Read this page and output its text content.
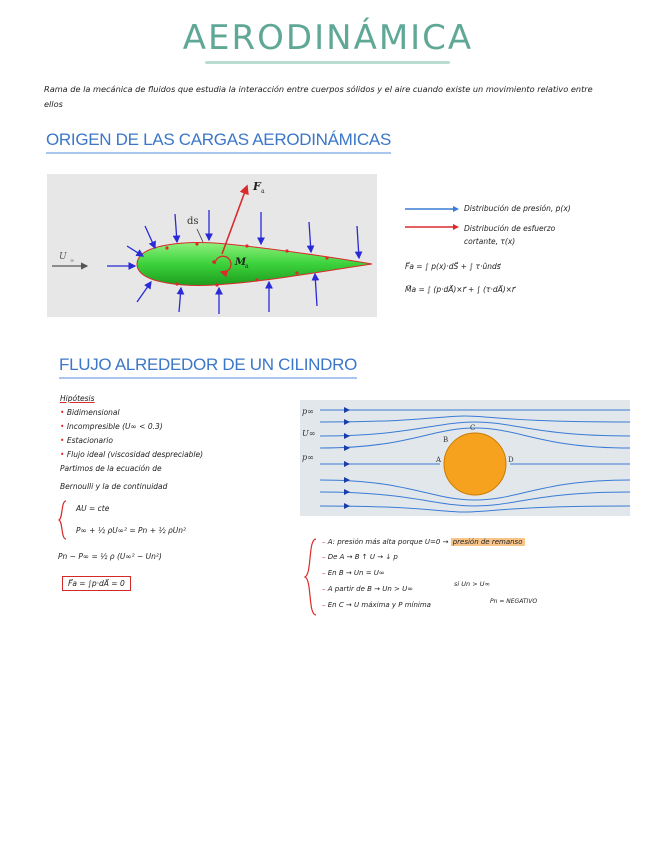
AERODINÁMICA
Rama de la mecánica de fluidos que estudia la interacción entre cuerpos sólidos y el aire cuando existe un movimiento relativo entre ellos
ORIGEN DE LAS CARGAS AERODINÁMICAS
U ∞
F a
ds
M
a
Distribución de presión, p(x)
Distribución de esfuerzo cortante, τ(x)
F⃗a = ∫ p(x)·dS⃗ + ∫ τ·ûnds⃗
M⃗a = ∫ (p·dA⃗)×r⃗ + ∫ (τ·dA⃗)×r⃗
FLUJO ALREDEDOR DE UN CILINDRO
Hipótesis
• Bidimensional
• Incompresible (U∞ < 0.3)
• Estacionario
• Flujo ideal (viscosidad despreciable)
Partimos de la ecuación de
Bernoulli y la de continuidad
AU = cte
P∞ + ½ ρU∞² = Pn + ½ ρUn²
Pn − P∞ = ½ ρ (U∞² − Un²)
F⃗a = ∫p·dA⃗ = 0
p∞
U∞
p∞	A
B
C
D
– A: presión más alta porque U=0 → presión de remanso
– De A → B ↑ U → ↓ p
– En B → Un = U∞
– A partir de B → Un > U∞
– En C → U máxima y P mínima
si Un > U∞
Pn = NEGATIVO
